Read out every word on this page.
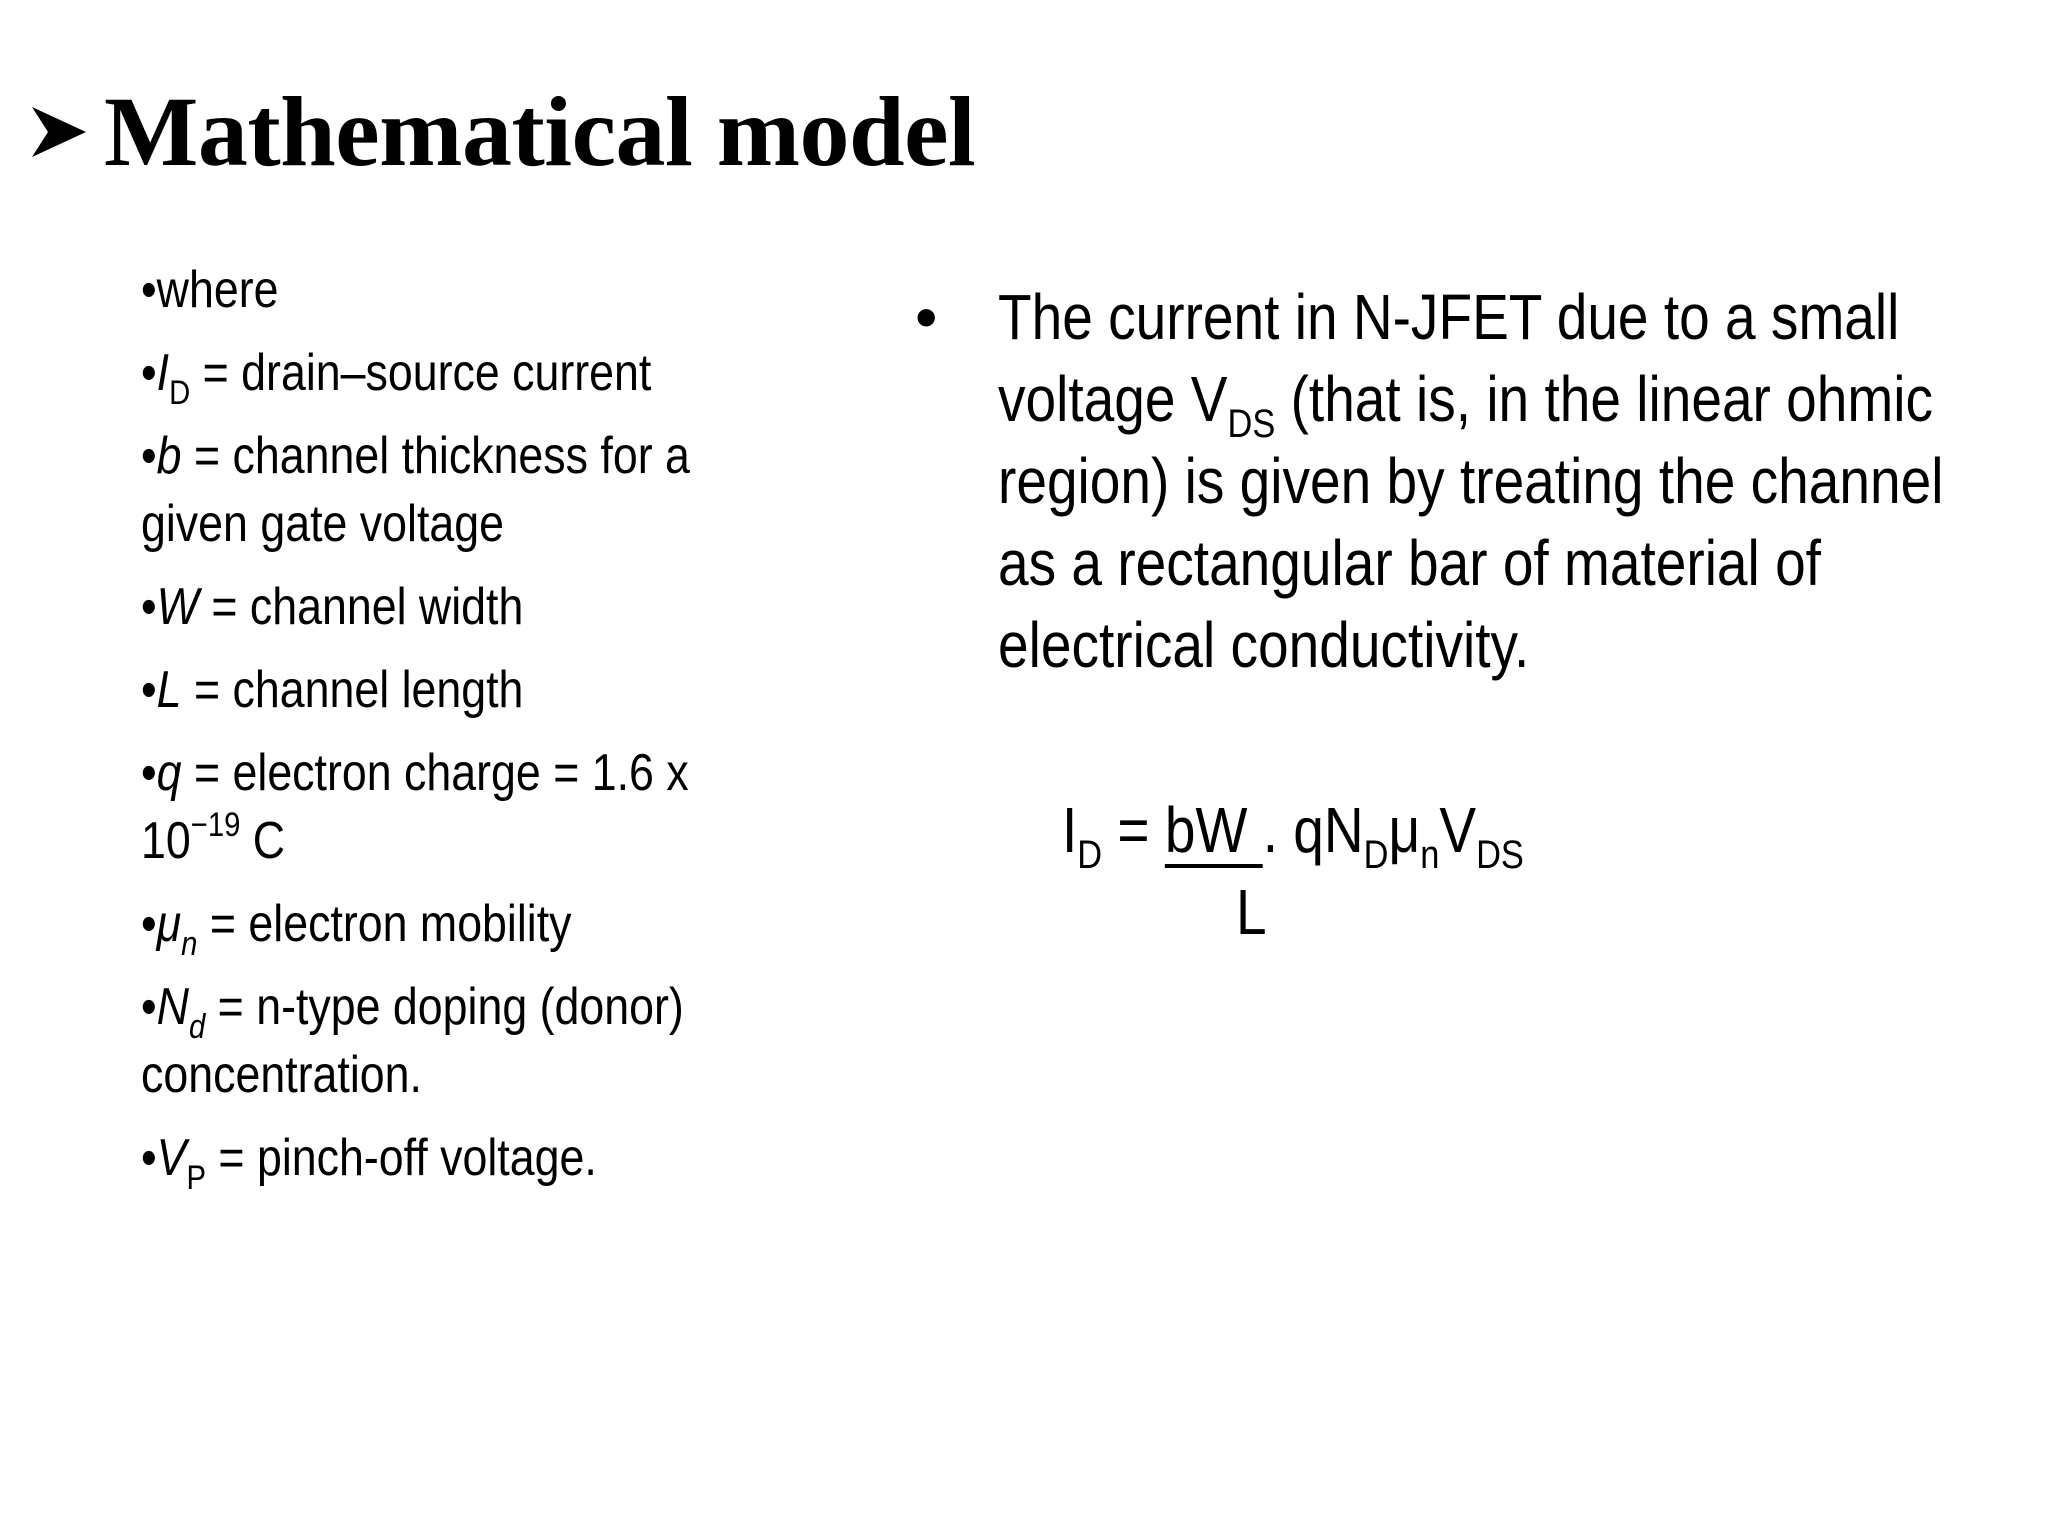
Mathematical model
•where
$•I_D$ = drain–source current
•b = channel thickness for a given gate voltage
•W = channel width
•L = channel length
•q = electron charge = 1.6 x $10^{-19}$ C
$•\mu_n$ = electron mobility
$•N_d$ = n-type doping (donor) concentration.
$•V_P$ = pinch-off voltage.
• The current in N-JFET due to a small voltage $V_{DS}$ (that is, in the linear ohmic region) is given by treating the channel as a rectangular bar of material of electrical conductivity.
$I_D$ = bW . $qN_D\mu_nV_{DS}$
L
